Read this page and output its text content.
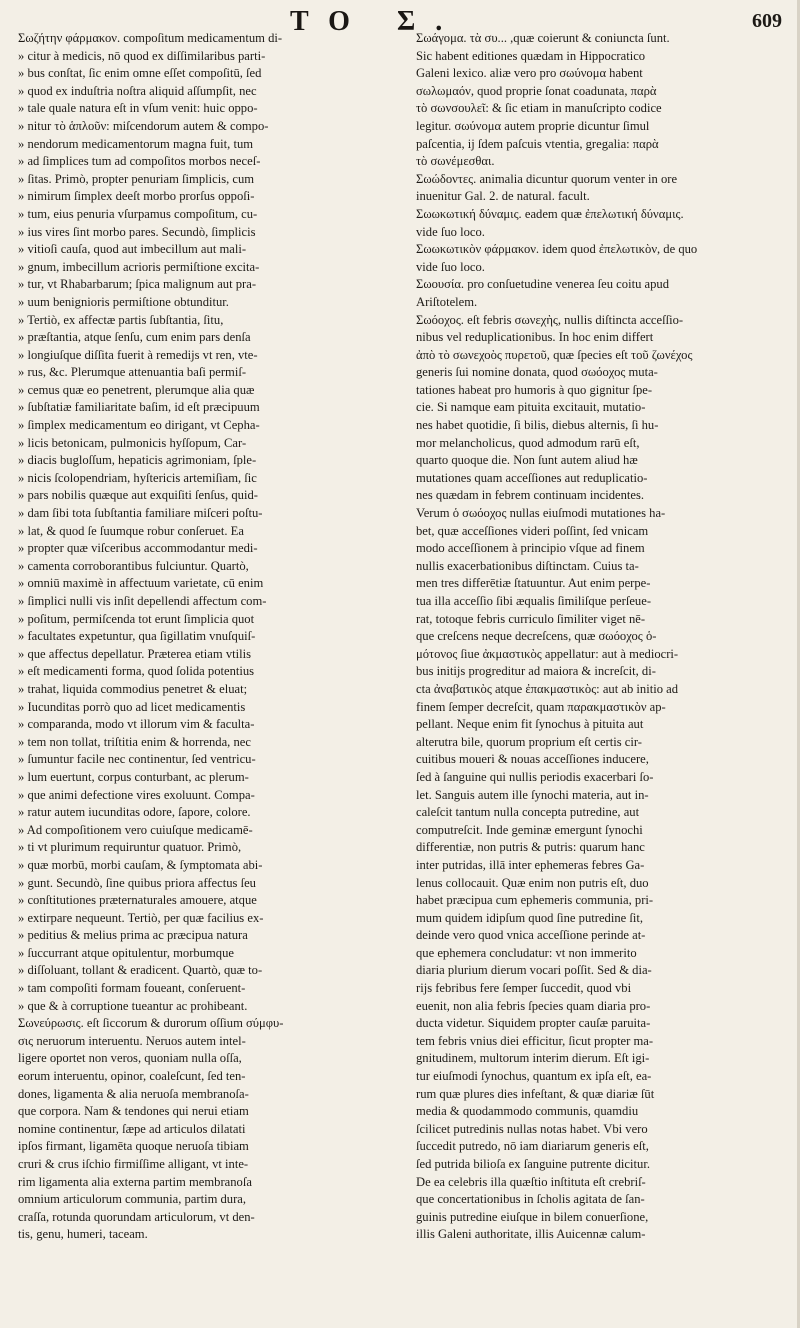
TO Σ.	609
Σωζήτην φάρμακον. compoſitum medicamentum di-
» citur à medicis, nō quod ex diſſimilaribus parti-
» bus conſtat, ſic enim omne eſſet compoſitū, ſed
» quod ex induſtria noſtra aliquid aſſumpſit, nec
» tale quale natura eſt in vſum venit: huic oppo-
» nitur τὸ ἁπλοῦν: miſcendorum autem & compo-
» nendorum medicamentorum magna fuit, tum
» ad ſimplices tum ad compoſitos morbos neceſ-
» ſitas. Primò, propter penuriam ſimplicis, cum
» nimirum ſimplex deeſt morbo prorſus oppoſi-
» tum, eius penuria vſurpamus compoſitum, cu-
» ius vires ſint morbo pares. Secundò, ſimplicis
» vitioſi cauſa, quod aut imbecillum aut mali-
» gnum, imbecillum acrioris permiſtione excita-
» tur, vt Rhabarbarum; ſpica malignum aut pra-
» uum benignioris permiſtione obtunditur.
» Tertiò, ex affectæ partis ſubſtantia, ſitu,
» præſtantia, atque ſenſu, cum enim pars denſa
» longiuſque diſſita fuerit à remedijs vt ren, vte-
» rus, &c. Plerumque attenuantia baſi permiſ-
» cemus quæ eo penetrent, plerumque alia quæ
» ſubſtatiæ familiaritate baſim, id eſt præcipuum
» ſimplex medicamentum eo dirigant, vt Cepha-
» licis betonicam, pulmonicis hyſſopum, Car-
» diacis bugloſſum, hepaticis agrimoniam, ſple-
» nicis ſcolopendriam, hyſtericis artemiſiam, ſic
» pars nobilis quæque aut exquiſiti ſenſus, quid-
» dam ſibi tota ſubſtantia familiare miſceri poſtu-
» lat, & quod ſe ſuumque robur conſeruet. Ea
» propter quæ viſceribus accommodantur medi-
» camenta corroborantibus fulciuntur. Quartò,
» omniū maximè in affectuum varietate, cū enim
» ſimplici nulli vis inſit depellendi affectum com-
» poſitum, permiſcenda tot erunt ſimplicia quot
» facultates expetuntur, qua ſigillatim vnuſquiſ-
» que affectus depellatur. Præterea etiam vtilis
» eſt medicamenti forma, quod ſolida potentius
» trahat, liquida commodius penetret & eluat;
» Iucunditas porrò quo ad licet medicamentis
» comparanda, modo vt illorum vim & faculta-
» tem non tollat, triſtitia enim & horrenda, nec
» ſumuntur facile nec continentur, ſed ventricu-
» lum euertunt, corpus conturbant, ac plerum-
» que animi defectione vires exoluunt. Compa-
» ratur autem iucunditas odore, ſapore, colore.
» Ad compoſitionem vero cuiuſque medicamē-
» ti vt plurimum requiruntur quatuor. Primò,
» quæ morbū, morbi cauſam, & ſymptomata abi-
» gunt. Secundò, ſine quibus priora affectus ſeu
» conſtitutiones præternaturales amouere, atque
» extirpare nequeunt. Tertiò, per quæ facilius ex-
» peditius & melius prima ac præcipua natura
» ſuccurrant atque opitulentur, morbumque
» diſſoluant, tollant & eradicent. Quartò, quæ to-
» tam compoſiti formam foueant, conſeruent-
» que & à corruptione tueantur ac prohibeant.
Σωνεύρωσις. eſt ſiccorum & durorum oſſium σύμφυ-
σις neruorum interuentu. Neruos autem intel-
ligere oportet non veros, quoniam nulla oſſa,
eorum interuentu, opinor, coaleſcunt, ſed ten-
dones, ligamenta & alia neruoſa membranoſa-
que corpora. Nam & tendones qui nerui etiam
nomine continentur, ſæpe ad articulos dilatati
ipſos firmant, ligamēta quoque neruoſa tibiam
cruri & crus iſchio firmiſſime alligant, vt inte-
rim ligamenta alia externa partim membranoſa
omnium articulorum communia, partim dura,
craſſa, rotunda quorundam articulorum, vt den-
tis, genu, humeri, taceam.
Σωάγομα. τὰ συ... ,quæ coierunt & coniuncta ſunt.
Sic habent editiones quædam in Hippocratico
Galeni lexico. aliæ vero pro σωύνομα habent
σωλωμαόν, quod proprie ſonat coadunata, παρὰ
τὸ σωνσουλεῖ: & ſic etiam in manuſcripto codice
legitur. σωύνομα autem proprie dicuntur ſimul
paſcentia, ij ſdem paſcuis vtentia, gregalia: παρὰ
τὸ σωνέμεσθαι.
Σωώδοντες. animalia dicuntur quorum venter in ore «
inuenitur Gal. 2. de natural. facult. «
Σωωκωτική δύναμις. eadem quæ ἐπελωτική δύναμις. «
vide ſuo loco.
Σωωκωτικὸν φάρμακον. idem quod ἐπελωτικὸν, de quo
vide ſuo loco.
Σωουσία. pro conſuetudine venerea ſeu coitu apud «
Ariſtotelem.
Σωόοχος. eſt febris σωνεχὴς, nullis diſtincta acceſſio-
nibus vel reduplicationibus. In hoc enim differt
ἀπὸ τὸ σωνεχοὸς πυρετοῦ, quæ ſpecies eſt τοῦ ζωνέχος
generis ſui nomine donata, quod σωόοχος muta-
tationes habeat pro humoris à quo gignitur ſpe-
cie. Si namque eam pituita excitauit, mutatio-
nes habet quotidie, ſi bilis, diebus alternis, ſi hu-
mor melancholicus, quod admodum rarū eſt,
quarto quoque die. Non ſunt autem aliud hæ
mutationes quam acceſſiones aut reduplicatio-
nes quædam in febrem continuam incidentes.
Verum ὁ σωόοχος nullas eiuſmodi mutationes ha-
bet, quæ acceſſiones videri poſſint, ſed vnicam
modo acceſſionem à principio vſque ad finem
nullis exacerbationibus diſtinctam. Cuius ta-
men tres differētiæ ſtatuuntur. Aut enim perpe-
tua illa acceſſio ſibi æqualis ſimiliſque perſeue-
rat, totoque febris curriculo ſimiliter viget nē-
que creſcens neque decreſcens, quæ σωόοχος ὁ-
μότονος ſiue ἀκμαστικὸς appellatur: aut à mediocri-
bus initijs progreditur ad maiora & increſcit, di-
cta ἀναβατικὸς atque ἐπακμαστικὸς: aut ab initio ad
finem ſemper decreſcit, quam παρακμαστικὸν ap-
pellant. Neque enim fit ſynochus à pituita aut
alterutra bile, quorum proprium eſt certis cir-
cuitibus moueri & nouas acceſſiones inducere,
ſed à ſanguine qui nullis periodis exacerbari ſo-
let. Sanguis autem ille ſynochi materia, aut in-
caleſcit tantum nulla concepta putredine, aut
computreſcit. Inde geminæ emergunt ſynochi
differentiæ, non putris & putris: quarum hanc
inter putridas, illā inter ephemeras febres Ga-
lenus collocauit. Quæ enim non putris eſt, duo
habet præcipua cum ephemeris communia, pri-
mum quidem idipſum quod ſine putredine ſit,
deinde vero quod vnica acceſſione perinde at-
que ephemera concludatur: vt non immerito
diaria plurium dierum vocari poſſit. Sed & dia-
rijs febribus fere ſemper ſuccedit, quod vbi
euenit, non alia febris ſpecies quam diaria pro-
ducta videtur. Siquidem propter cauſæ paruita-
tem febris vnius diei efficitur, ſicut propter ma-
gnitudinem, multorum interim dierum. Eſt igi-
tur eiuſmodi ſynochus, quantum ex ipſa eſt, ea-
rum quæ plures dies infeſtant, & quæ diariæ ſūt
media & quodammodo communis, quamdiu
ſcilicet putredinis nullas notas habet. Vbi vero
ſuccedit putredo, nō iam diariarum generis eſt,
ſed putrida bilioſa ex ſanguine putrente dicitur.
De ea celebris illa quæſtio inſtituta eſt crebriſ-
que concertationibus in ſcholis agitata de ſan-
guinis putredine eiuſque in bilem conuerſione,
illis Galeni authoritate, illis Auicennæ calum-
